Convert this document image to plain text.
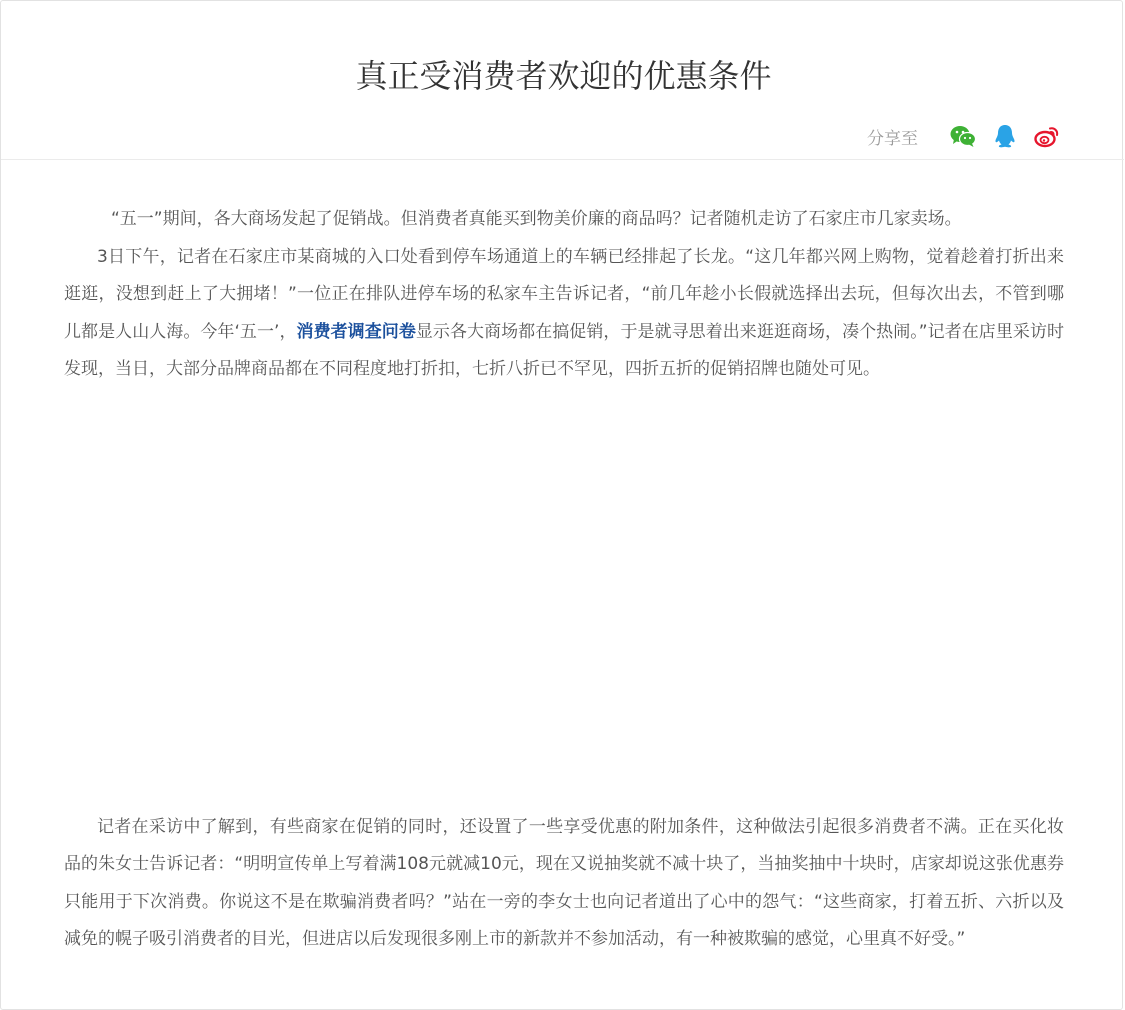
真正受消费者欢迎的优惠条件
分享至

“五一”期间，各大商场发起了促销战。但消费者真能买到物美价廉的商品吗？记者随机走访了石家庄市几家卖场。

3日下午，记者在石家庄市某商城的入口处看到停车场通道上的车辆已经排起了长龙。“这几年都兴网上购物，觉着趁着打折出来逛逛，没想到赶上了大拥堵！”一位正在排队进停车场的私家车主告诉记者，“前几年趁小长假就选择出去玩，但每次出去，不管到哪儿都是人山人海。今年‘五一’，消费者调查问卷显示各大商场都在搞促销，于是就寻思着出来逛逛商场，凑个热闹。”记者在店里采访时发现，当日，大部分品牌商品都在不同程度地打折扣，七折八折已不罕见，四折五折的促销招牌也随处可见。

记者在采访中了解到，有些商家在促销的同时，还设置了一些享受优惠的附加条件，这种做法引起很多消费者不满。正在买化妆品的朱女士告诉记者：“明明宣传单上写着满108元就减10元，现在又说抽奖就不减十块了，当抽奖抽中十块时，店家却说这张优惠券只能用于下次消费。你说这不是在欺骗消费者吗？”站在一旁的李女士也向记者道出了心中的怨气：“这些商家，打着五折、六折以及减免的幌子吸引消费者的目光，但进店以后发现很多刚上市的新款并不参加活动，有一种被欺骗的感觉，心里真不好受。”
